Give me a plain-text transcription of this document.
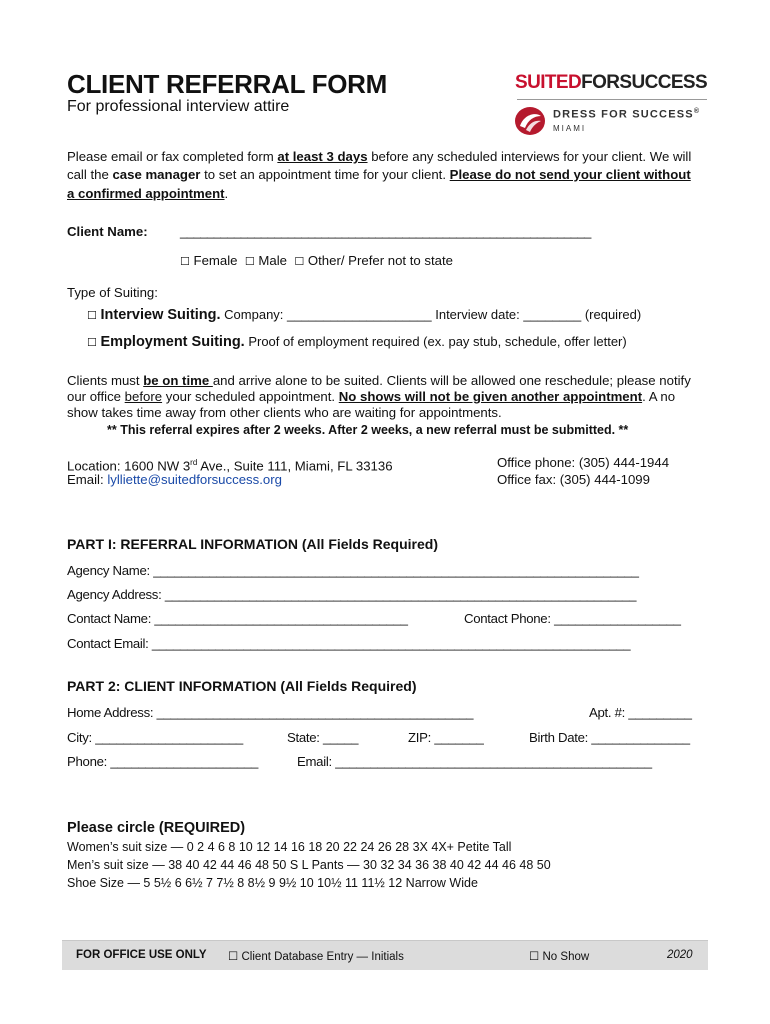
CLIENT REFERRAL FORM
For professional interview attire
SUITEDFORSUCCESS
DRESS FOR SUCCESS®
MIAMI
Please email or fax completed form at least 3 days before any scheduled interviews for your client. We will
call the case manager to set an appointment time for your client. Please do not send your client without
a confirmed appointment.
Client Name: _____________________________________________________________
☐ Female ☐ Male ☐ Other/ Prefer not to state
Type of Suiting:
☐ Interview Suiting. Company: ____________________ Interview date: ________ (required)
☐ Employment Suiting. Proof of employment required (ex. pay stub, schedule, offer letter)
Clients must be on time and arrive alone to be suited. Clients will be allowed one reschedule; please notify
our office before your scheduled appointment. No shows will not be given another appointment. A no
show takes time away from other clients who are waiting for appointments.
** This referral expires after 2 weeks. After 2 weeks, a new referral must be submitted. **
Location: 1600 NW 3rd Ave., Suite 111, Miami, FL 33136
Email: lylliette@suitedforsuccess.org
Office phone: (305) 444-1944
Office fax: (305) 444-1099
PART I: REFERRAL INFORMATION (All Fields Required)
Agency Name: _____________________________________________________________________
Agency Address: ___________________________________________________________________
Contact Name: ____________________________________	Contact Phone: __________________
Contact Email: ____________________________________________________________________
PART 2: CLIENT INFORMATION (All Fields Required)
Home Address: _____________________________________________	Apt. #: _________
City: _____________________	State: _____	ZIP: _______	Birth Date: ______________
Phone: _____________________	Email: _____________________________________________
Please circle (REQUIRED)
Women’s suit size — 0 2 4 6 8 10 12 14 16 18 20 22 24 26 28 3X 4X+ Petite Tall
Men’s suit size — 38 40 42 44 46 48 50 S L Pants — 30 32 34 36 38 40 42 44 46 48 50
Shoe Size — 5 5½ 6 6½ 7 7½ 8 8½ 9 9½ 10 10½ 11 11½ 12 Narrow Wide
FOR OFFICE USE ONLY ☐ Client Database Entry — Initials	☐ No Show	2020
